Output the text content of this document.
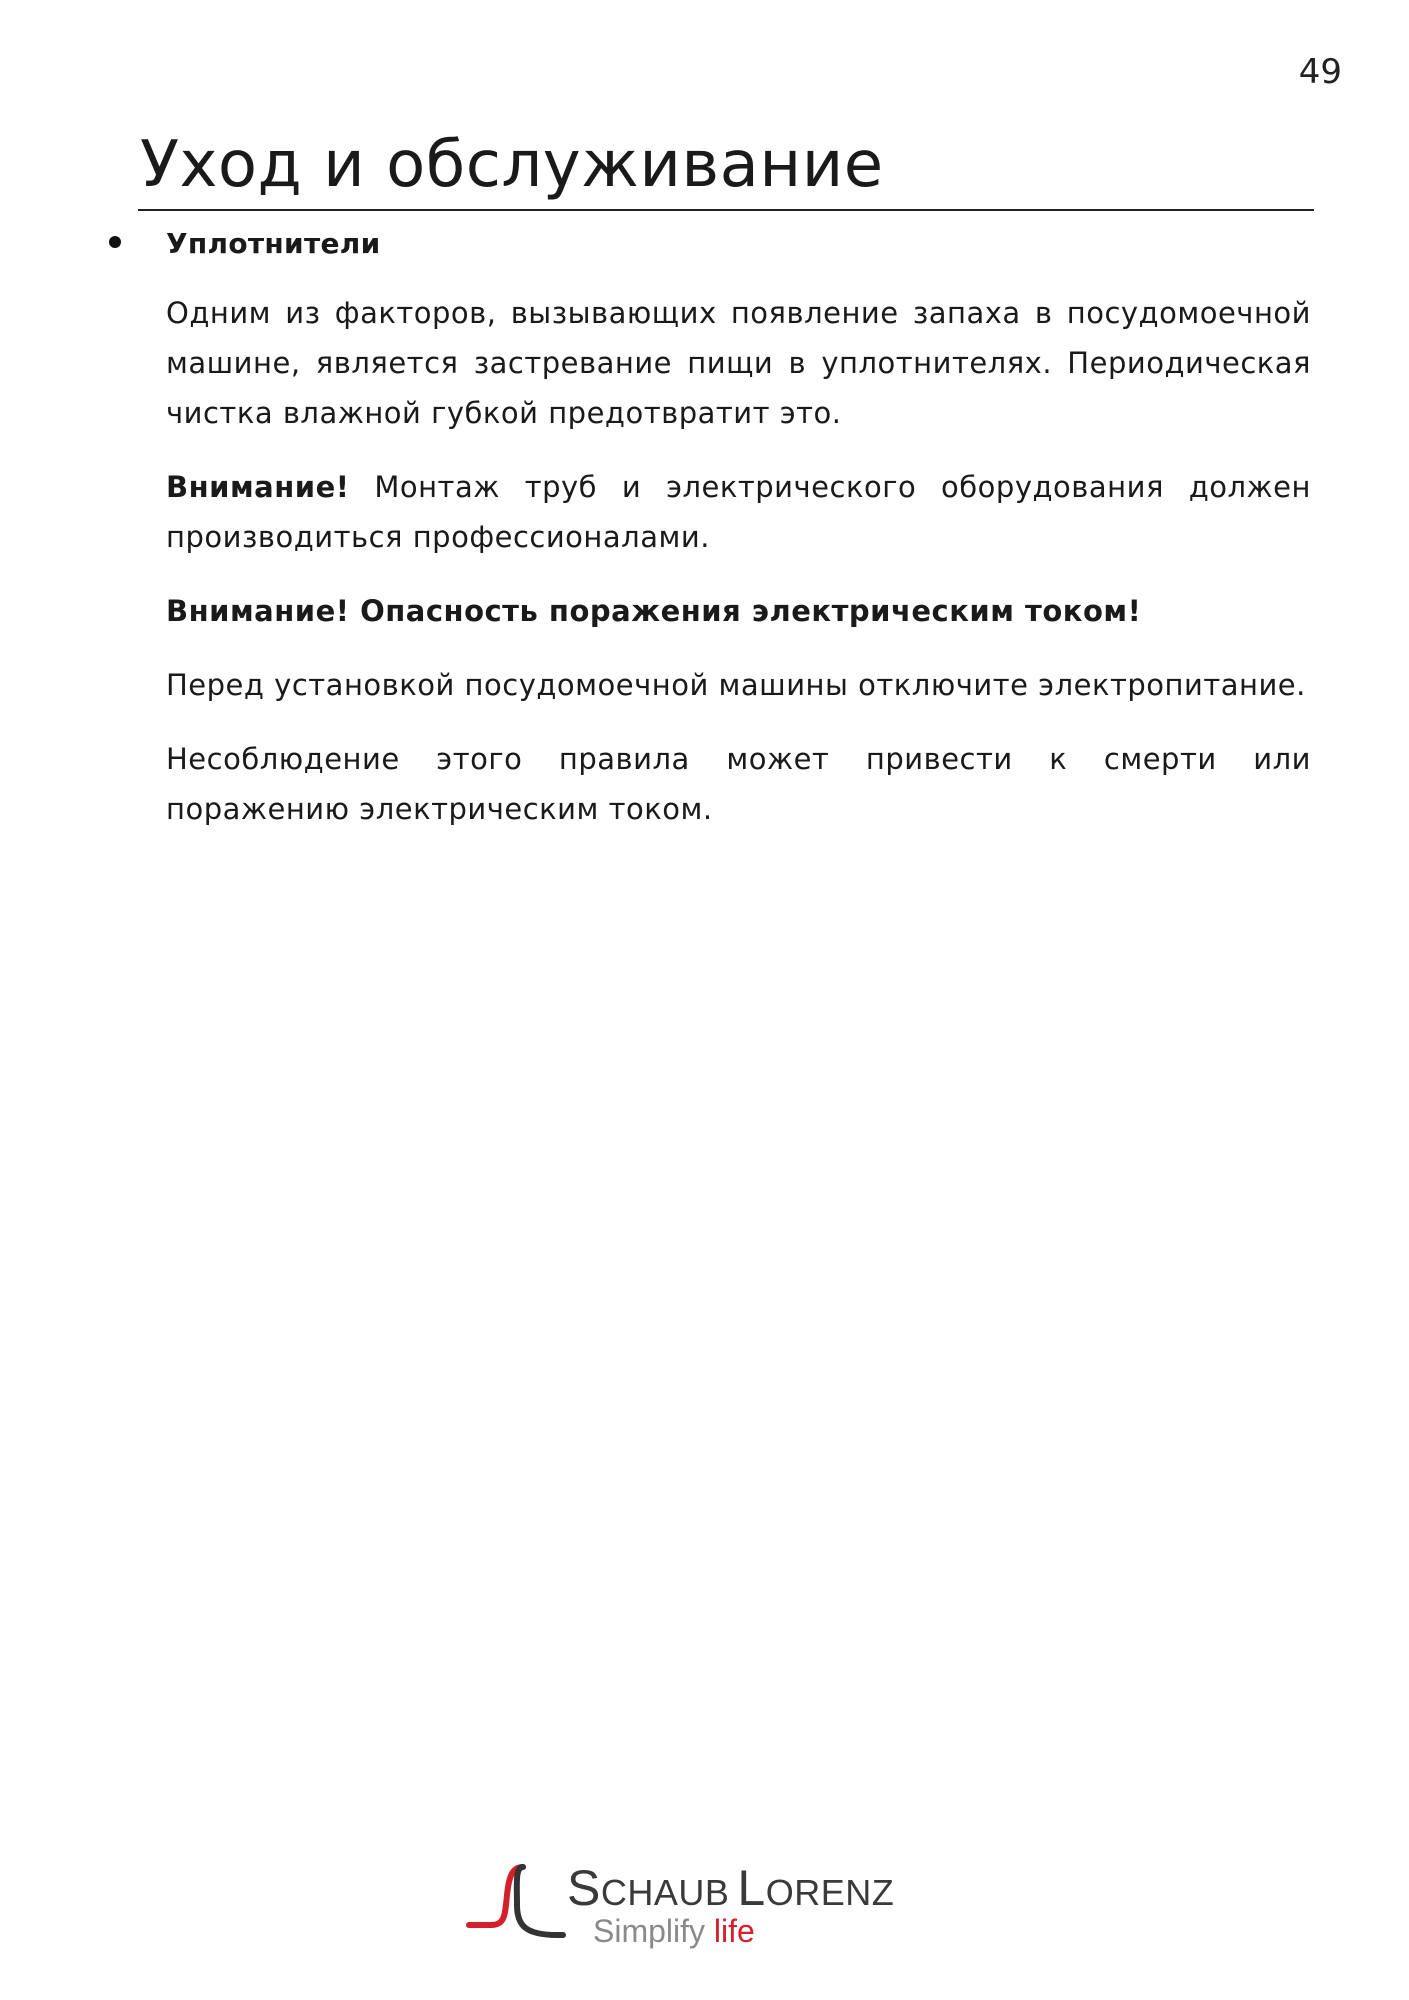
49
Уход и обслуживание
Уплотнители

Одним из факторов, вызывающих появление запаха в посудомоечной машине, является застревание пищи в уплотнителях. Периодическая чистка влажной губкой предотвратит это.

Внимание! Монтаж труб и электрического оборудования должен производиться профессионалами.

Внимание! Опасность поражения электрическим током!

Перед установкой посудомоечной машины отключите электропитание.

Несоблюдение этого правила может привести к смерти или поражению электрическим током.

SCHAUB LORENZ
Simplify life
